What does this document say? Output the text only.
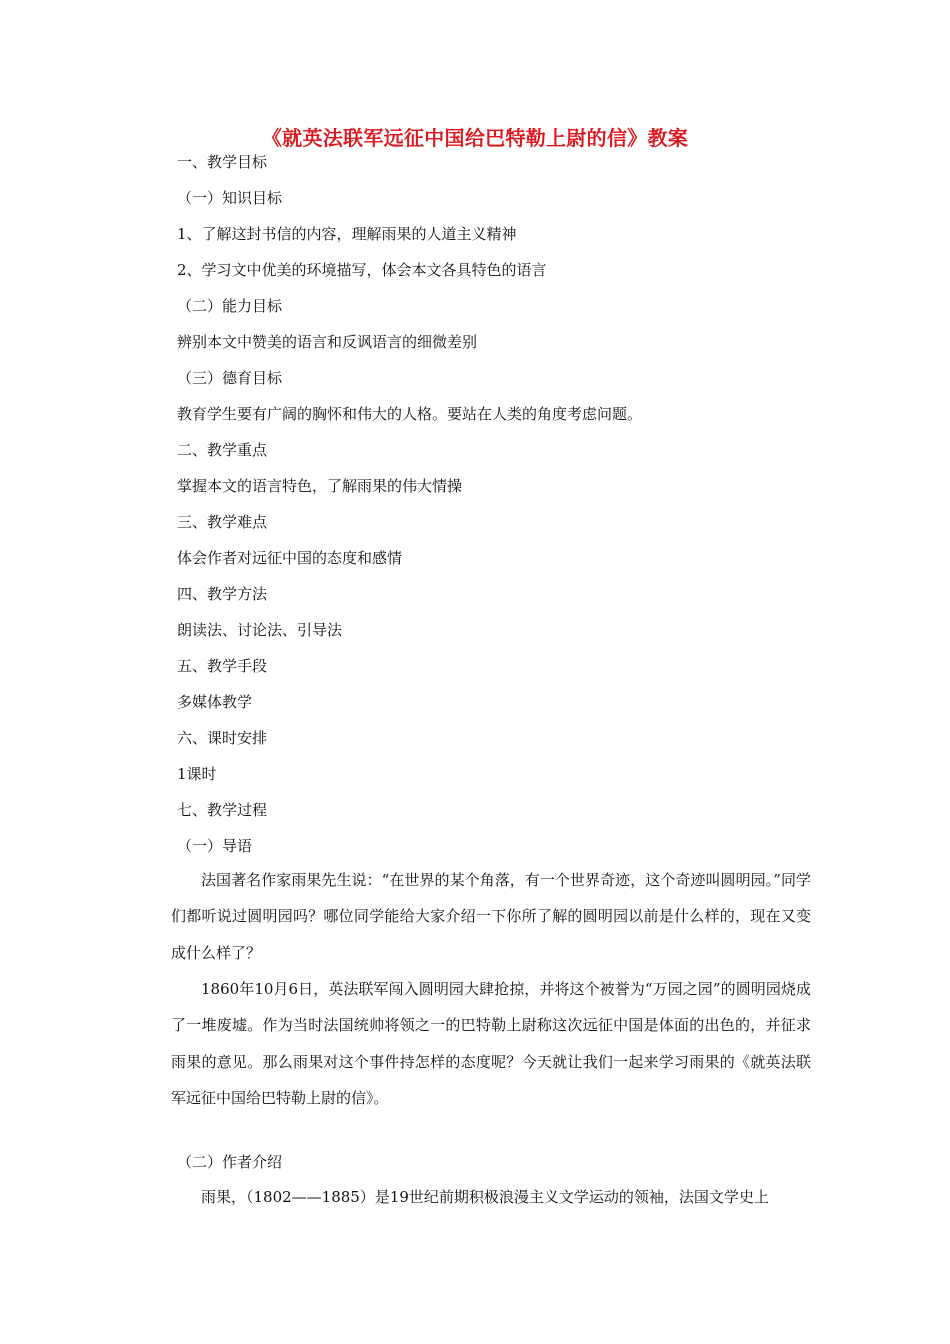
《就英法联军远征中国给巴特勒上尉的信》教案
一、教学目标
（一）知识目标
1、了解这封书信的内容，理解雨果的人道主义精神
2、学习文中优美的环境描写，体会本文各具特色的语言
（二）能力目标
辨别本文中赞美的语言和反讽语言的细微差别
（三）德育目标
教育学生要有广阔的胸怀和伟大的人格。要站在人类的角度考虑问题。
二、教学重点
掌握本文的语言特色，了解雨果的伟大情操
三、教学难点
体会作者对远征中国的态度和感情
四、教学方法
朗读法、讨论法、引导法
五、教学手段
多媒体教学
六、课时安排
1课时
七、教学过程
（一）导语

法国著名作家雨果先生说：“在世界的某个角落，有一个世界奇迹，这个奇迹叫圆明园。”同学们都听说过圆明园吗？哪位同学能给大家介绍一下你所了解的圆明园以前是什么样的，现在又变成什么样了？

1860年10月6日，英法联军闯入圆明园大肆抢掠，并将这个被誉为“万园之园”的圆明园烧成了一堆废墟。作为当时法国统帅将领之一的巴特勒上尉称这次远征中国是体面的出色的，并征求雨果的意见。那么雨果对这个事件持怎样的态度呢？今天就让我们一起来学习雨果的《就英法联军远征中国给巴特勒上尉的信》。

（二）作者介绍

雨果，（1802——1885）是19世纪前期积极浪漫主义文学运动的领袖，法国文学史上
